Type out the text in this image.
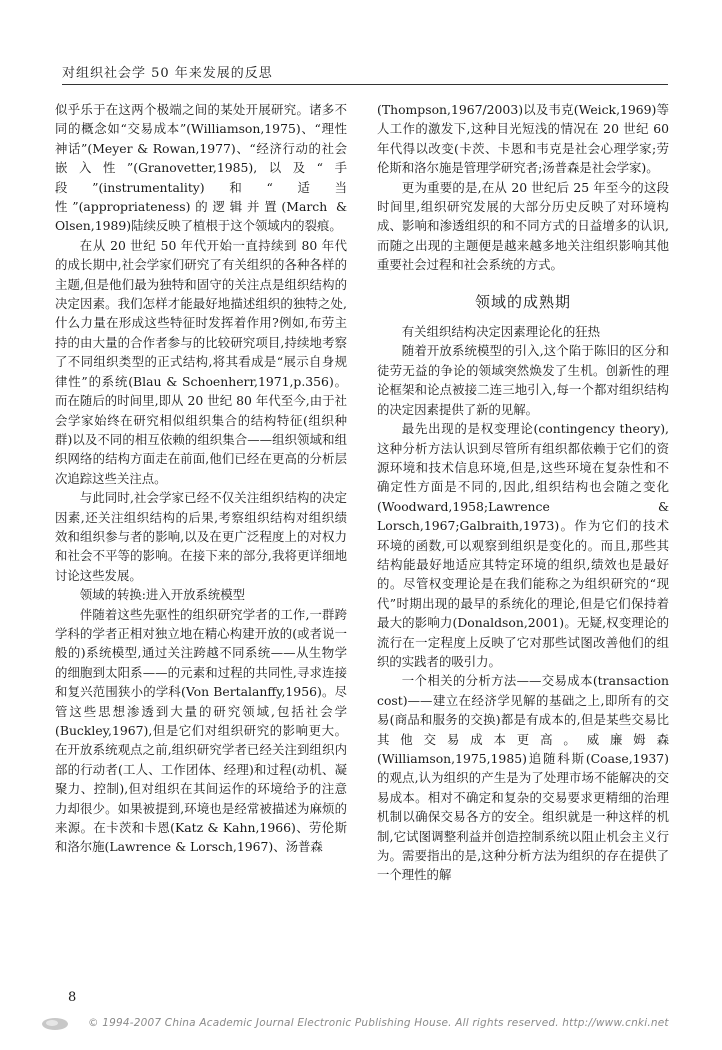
对组织社会学 50 年来发展的反思

似乎乐于在这两个极端之间的某处开展研究。诸多不同的概念如“交易成本”(Williamson,1975)、“理性神话”(Meyer & Rowan,1977)、“经济行动的社会嵌入性”(Granovetter,1985),以及“手段”(instrumentality)和“适当性”(appropriateness)的逻辑并置(March & Olsen,1989)陆续反映了植根于这个领域内的裂痕。

在从 20 世纪 50 年代开始一直持续到 80 年代的成长期中,社会学家们研究了有关组织的各种各样的主题,但是他们最为独特和固守的关注点是组织结构的决定因素。我们怎样才能最好地描述组织的独特之处,什么力量在形成这些特征时发挥着作用?例如,布劳主持的由大量的合作者参与的比较研究项目,持续地考察了不同组织类型的正式结构,将其看成是“展示自身规律性”的系统(Blau & Schoenherr,1971,p.356)。而在随后的时间里,即从 20 世纪 80 年代至今,由于社会学家始终在研究相似组织集合的结构特征(组织种群)以及不同的相互依赖的组织集合——组织领域和组织网络的结构方面走在前面,他们已经在更高的分析层次追踪这些关注点。

与此同时,社会学家已经不仅关注组织结构的决定因素,还关注组织结构的后果,考察组织结构对组织绩效和组织参与者的影响,以及在更广泛程度上的对权力和社会不平等的影响。在接下来的部分,我将更详细地讨论这些发展。

领域的转换:进入开放系统模型

伴随着这些先驱性的组织研究学者的工作,一群跨学科的学者正相对独立地在精心构建开放的(或者说一般的)系统模型,通过关注跨越不同系统——从生物学的细胞到太阳系——的元素和过程的共同性,寻求连接和复兴范围狭小的学科(Von Bertalanffy,1956)。尽管这些思想渗透到大量的研究领域,包括社会学(Buckley,1967),但是它们对组织研究的影响更大。在开放系统观点之前,组织研究学者已经关注到组织内部的行动者(工人、工作团体、经理)和过程(动机、凝聚力、控制),但对组织在其间运作的环境给予的注意力却很少。如果被提到,环境也是经常被描述为麻烦的来源。在卡茨和卡恩(Katz & Kahn,1966)、劳伦斯和洛尔施(Lawrence & Lorsch,1967)、汤普森

(Thompson,1967/2003)以及韦克(Weick,1969)等人工作的激发下,这种目光短浅的情况在 20 世纪 60 年代得以改变(卡茨、卡恩和韦克是社会心理学家;劳伦斯和洛尔施是管理学研究者;汤普森是社会学家)。

更为重要的是,在从 20 世纪后 25 年至今的这段时间里,组织研究发展的大部分历史反映了对环境构成、影响和渗透组织的和不同方式的日益增多的认识,而随之出现的主题便是越来越多地关注组织影响其他重要社会过程和社会系统的方式。

领域的成熟期

有关组织结构决定因素理论化的狂热

随着开放系统模型的引入,这个陷于陈旧的区分和徒劳无益的争论的领域突然焕发了生机。创新性的理论框架和论点被接二连三地引入,每一个都对组织结构的决定因素提供了新的见解。

最先出现的是权变理论(contingency theory),这种分析方法认识到尽管所有组织都依赖于它们的资源环境和技术信息环境,但是,这些环境在复杂性和不确定性方面是不同的,因此,组织结构也会随之变化(Woodward,1958;Lawrence & Lorsch,1967;Galbraith,1973)。作为它们的技术环境的函数,可以观察到组织是变化的。而且,那些其结构能最好地适应其特定环境的组织,绩效也是最好的。尽管权变理论是在我们能称之为组织研究的“现代”时期出现的最早的系统化的理论,但是它们保持着最大的影响力(Donaldson,2001)。无疑,权变理论的流行在一定程度上反映了它对那些试图改善他们的组织的实践者的吸引力。

一个相关的分析方法——交易成本(transaction cost)——建立在经济学见解的基础之上,即所有的交易(商品和服务的交换)都是有成本的,但是某些交易比其他交易成本更高。威廉姆森(Williamson,1975,1985)追随科斯(Coase,1937)的观点,认为组织的产生是为了处理市场不能解决的交易成本。相对不确定和复杂的交易要求更精细的治理机制以确保交易各方的安全。组织就是一种这样的机制,它试图调整利益并创造控制系统以阻止机会主义行为。需要指出的是,这种分析方法为组织的存在提供了一个理性的解

8
© 1994-2007 China Academic Journal Electronic Publishing House. All rights reserved. http://www.cnki.net
